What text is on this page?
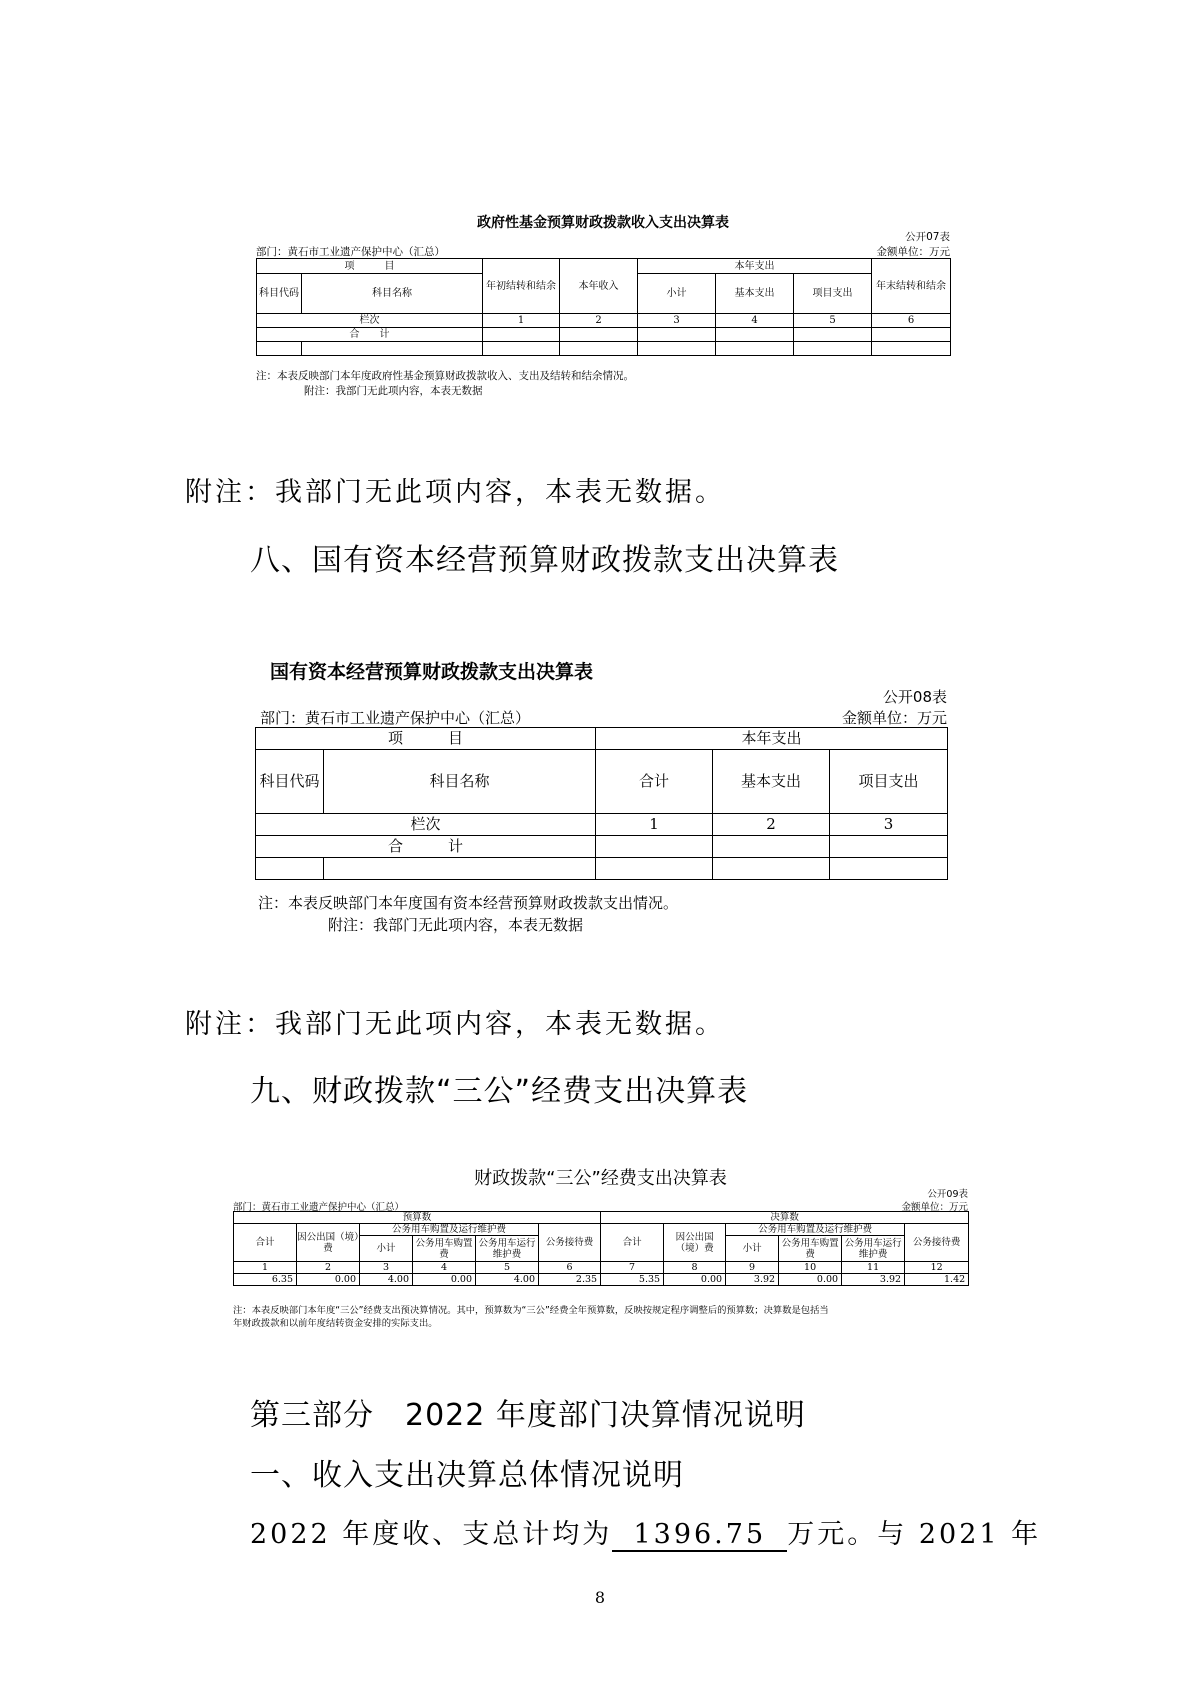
政府性基金预算财政拨款收入支出决算表
公开07表
部门：黄石市工业遗产保护中心（汇总）	金额单位：万元
项　　　目		年初结转和结余	本年收入	本年支出			年末结转和结余
科目代码	科目名称			小计	基本支出	项目支出	
栏次		1	2	3	4	5	6
合　　计							

注：本表反映部门本年度政府性基金预算财政拨款收入、支出及结转和结余情况。
附注：我部门无此项内容，本表无数据
附注：我部门无此项内容，本表无数据。
八、国有资本经营预算财政拨款支出决算表
国有资本经营预算财政拨款支出决算表
公开08表
部门：黄石市工业遗产保护中心（汇总）	金额单位：万元
项　　　目		本年支出		
科目代码	科目名称	合计	基本支出	项目支出
栏次		1	2	3
合　　　计				

注：本表反映部门本年度国有资本经营预算财政拨款支出情况。
附注：我部门无此项内容，本表无数据
附注：我部门无此项内容，本表无数据。
九、财政拨款“三公”经费支出决算表
财政拨款“三公”经费支出决算表
公开09表
部门：黄石市工业遗产保护中心（汇总）	金额单位：万元
预算数						决算数					
合计	因公出国（境）费	公务用车购置及运行维护费			公务接待费	合计	因公出国（境）费	公务用车购置及运行维护费			公务接待费
		小计	公务用车购置费	公务用车运行维护费				小计	公务用车购置费	公务用车运行维护费	
1	2	3	4	5	6	7	8	9	10	11	12
6.35	0.00	4.00	0.00	4.00	2.35	5.35	0.00	3.92	0.00	3.92	1.42
注：本表反映部门本年度“三公”经费支出预决算情况。其中，预算数为“三公”经费全年预算数，反映按规定程序调整后的预算数；决算数是包括当
年财政拨款和以前年度结转资金安排的实际支出。
第三部分　2022 年度部门决算情况说明
一、收入支出决算总体情况说明
2022 年度收、支总计均为 1396.75 万元。与 2021 年
8
